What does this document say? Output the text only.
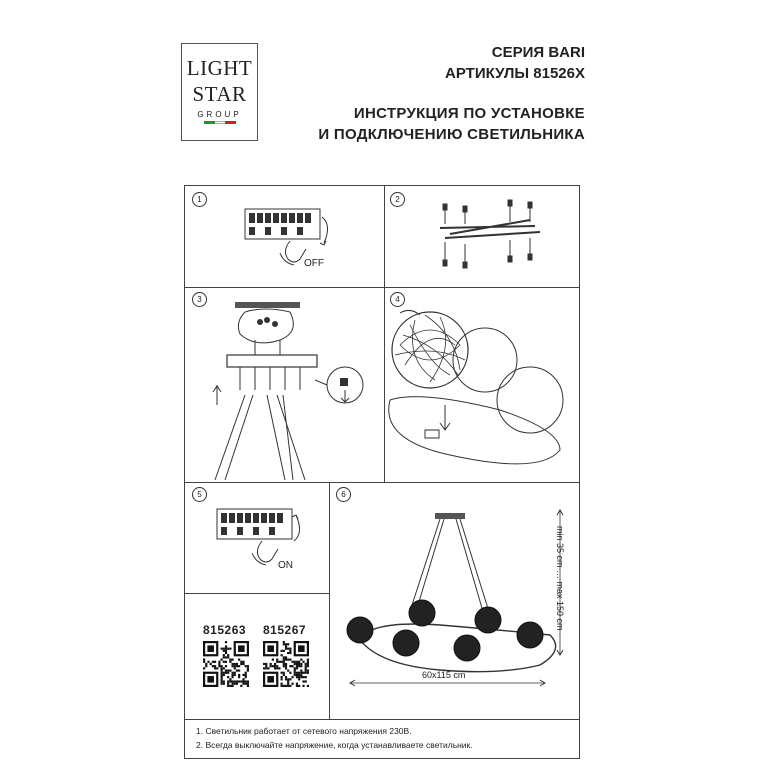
LIGHT
STAR
GROUP
СЕРИЯ BARI
АРТИКУЛЫ 81526X
ИНСТРУКЦИЯ ПО УСТАНОВКЕ
И ПОДКЛЮЧЕНИЮ СВЕТИЛЬНИКА
1	2
3	4
5	6
OFF
ON
815263 815267	min 35 cm … max 150 cm
60x115 cm
1. Светильник работает от сетевого напряжения 230В.
2. Всегда выключайте напряжение, когда устанавливаете светильник.
